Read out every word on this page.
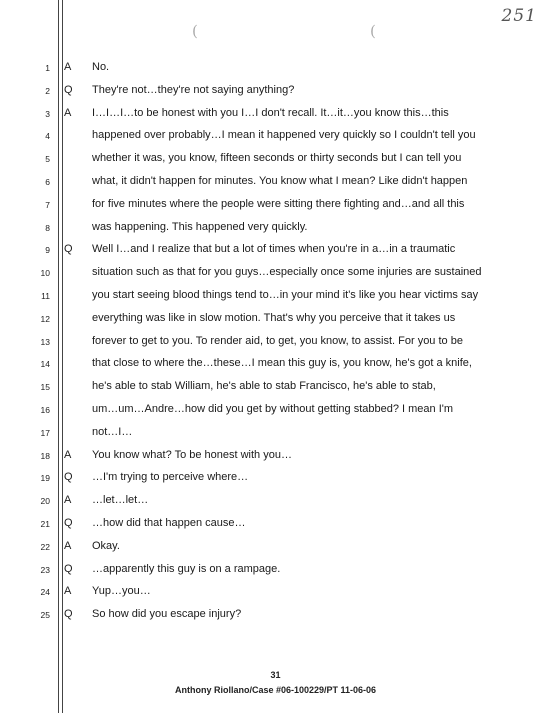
251
(	(
1 A No.
2 Q They're not…they're not saying anything?
3 A I…I…I…to be honest with you I…I don't recall. It…it…you know this…this
4	happened over probably…I mean it happened very quickly so I couldn't tell you
5	whether it was, you know, fifteen seconds or thirty seconds but I can tell you
6	what, it didn't happen for minutes. You know what I mean? Like didn't happen
7	for five minutes where the people were sitting there fighting and…and all this
8	was happening. This happened very quickly.
9 Q Well I…and I realize that but a lot of times when you're in a…in a traumatic
10	situation such as that for you guys…especially once some injuries are sustained
11	you start seeing blood things tend to…in your mind it's like you hear victims say
12	everything was like in slow motion. That's why you perceive that it takes us
13	forever to get to you. To render aid, to get, you know, to assist. For you to be
14	that close to where the…these…I mean this guy is, you know, he's got a knife,
15	he's able to stab William, he's able to stab Francisco, he's able to stab,
16	um…um…Andre…how did you get by without getting stabbed? I mean I'm
17	not…I…
18 A You know what? To be honest with you…
19 Q …I'm trying to perceive where…
20 A …let…let…
21 Q …how did that happen cause…
22 A Okay.
23 Q …apparently this guy is on a rampage.
24 A Yup…you…
25 Q So how did you escape injury?
31
Anthony Riollano/Case #06-100229/PT 11-06-06
